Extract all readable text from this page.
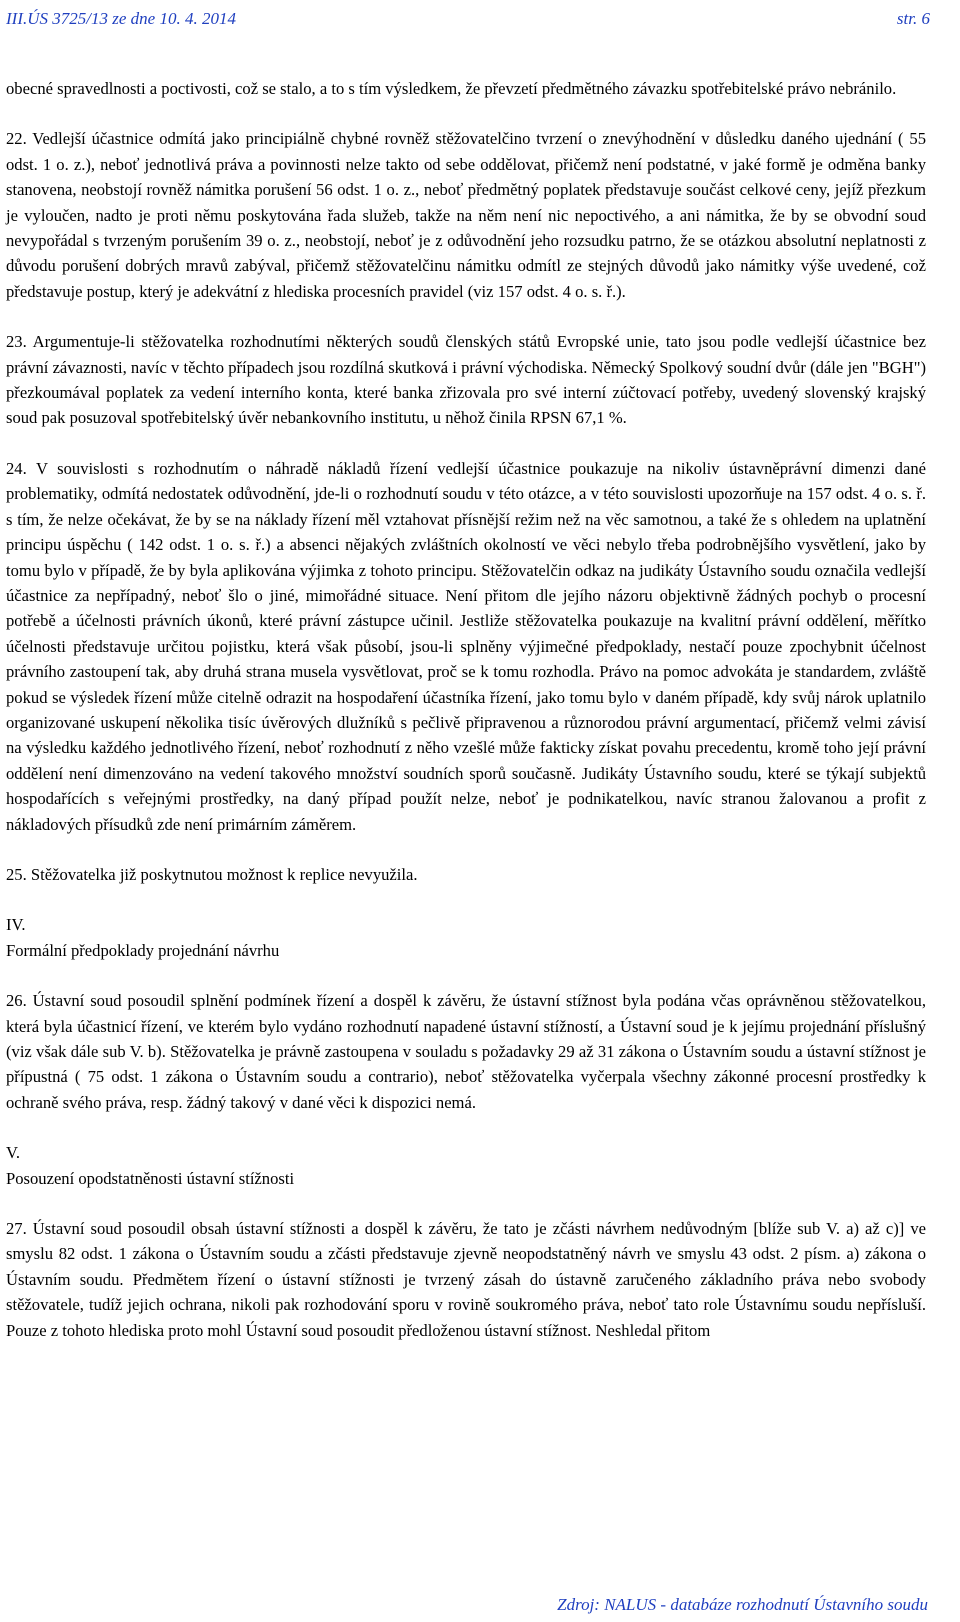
III.ÚS 3725/13 ze dne 10. 4. 2014	str. 6

obecné spravedlnosti a poctivosti, což se stalo, a to s tím výsledkem, že převzetí předmětného závazku spotřebitelské právo nebránilo.

22. Vedlejší účastnice odmítá jako principiálně chybné rovněž stěžovatelčino tvrzení o znevýhodnění v důsledku daného ujednání ( 55 odst. 1 o. z.), neboť jednotlivá práva a povinnosti nelze takto od sebe oddělovat, přičemž není podstatné, v jaké formě je odměna banky stanovena, neobstojí rovněž námitka porušení 56 odst. 1 o. z., neboť předmětný poplatek představuje součást celkové ceny, jejíž přezkum je vyloučen, nadto je proti němu poskytována řada služeb, takže na něm není nic nepoctivého, a ani námitka, že by se obvodní soud nevypořádal s tvrzeným porušením 39 o. z., neobstojí, neboť je z odůvodnění jeho rozsudku patrno, že se otázkou absolutní neplatnosti z důvodu porušení dobrých mravů zabýval, přičemž stěžovatelčinu námitku odmítl ze stejných důvodů jako námitky výše uvedené, což představuje postup, který je adekvátní z hlediska procesních pravidel (viz 157 odst. 4 o. s. ř.).

23. Argumentuje-li stěžovatelka rozhodnutími některých soudů členských států Evropské unie, tato jsou podle vedlejší účastnice bez právní závaznosti, navíc v těchto případech jsou rozdílná skutková i právní východiska. Německý Spolkový soudní dvůr (dále jen "BGH") přezkoumával poplatek za vedení interního konta, které banka zřizovala pro své interní zúčtovací potřeby, uvedený slovenský krajský soud pak posuzoval spotřebitelský úvěr nebankovního institutu, u něhož činila RPSN 67,1 %.

24. V souvislosti s rozhodnutím o náhradě nákladů řízení vedlejší účastnice poukazuje na nikoliv ústavněprávní dimenzi dané problematiky, odmítá nedostatek odůvodnění, jde-li o rozhodnutí soudu v této otázce, a v této souvislosti upozorňuje na 157 odst. 4 o. s. ř. s tím, že nelze očekávat, že by se na náklady řízení měl vztahovat přísnější režim než na věc samotnou, a také že s ohledem na uplatnění principu úspěchu ( 142 odst. 1 o. s. ř.) a absenci nějakých zvláštních okolností ve věci nebylo třeba podrobnějšího vysvětlení, jako by tomu bylo v případě, že by byla aplikována výjimka z tohoto principu. Stěžovatelčin odkaz na judikáty Ústavního soudu označila vedlejší účastnice za nepřípadný, neboť šlo o jiné, mimořádné situace. Není přitom dle jejího názoru objektivně žádných pochyb o procesní potřebě a účelnosti právních úkonů, které právní zástupce učinil. Jestliže stěžovatelka poukazuje na kvalitní právní oddělení, měřítko účelnosti představuje určitou pojistku, která však působí, jsou-li splněny výjimečné předpoklady, nestačí pouze zpochybnit účelnost právního zastoupení tak, aby druhá strana musela vysvětlovat, proč se k tomu rozhodla. Právo na pomoc advokáta je standardem, zvláště pokud se výsledek řízení může citelně odrazit na hospodaření účastníka řízení, jako tomu bylo v daném případě, kdy svůj nárok uplatnilo organizované uskupení několika tisíc úvěrových dlužníků s pečlivě připravenou a různorodou právní argumentací, přičemž velmi závisí na výsledku každého jednotlivého řízení, neboť rozhodnutí z něho vzešlé může fakticky získat povahu precedentu, kromě toho její právní oddělení není dimenzováno na vedení takového množství soudních sporů současně. Judikáty Ústavního soudu, které se týkají subjektů hospodařících s veřejnými prostředky, na daný případ použít nelze, neboť je podnikatelkou, navíc stranou žalovanou a profit z nákladových přísudků zde není primárním záměrem.

25. Stěžovatelka již poskytnutou možnost k replice nevyužila.

IV.

Formální předpoklady projednání návrhu

26. Ústavní soud posoudil splnění podmínek řízení a dospěl k závěru, že ústavní stížnost byla podána včas oprávněnou stěžovatelkou, která byla účastnicí řízení, ve kterém bylo vydáno rozhodnutí napadené ústavní stížností, a Ústavní soud je k jejímu projednání příslušný (viz však dále sub V. b). Stěžovatelka je právně zastoupena v souladu s požadavky 29 až 31 zákona o Ústavním soudu a ústavní stížnost je přípustná ( 75 odst. 1 zákona o Ústavním soudu a contrario), neboť stěžovatelka vyčerpala všechny zákonné procesní prostředky k ochraně svého práva, resp. žádný takový v dané věci k dispozici nemá.

V.

Posouzení opodstatněnosti ústavní stížnosti

27. Ústavní soud posoudil obsah ústavní stížnosti a dospěl k závěru, že tato je zčásti návrhem nedůvodným [blíže sub V. a) až c)] ve smyslu 82 odst. 1 zákona o Ústavním soudu a zčásti představuje zjevně neopodstatněný návrh ve smyslu 43 odst. 2 písm. a) zákona o Ústavním soudu. Předmětem řízení o ústavní stížnosti je tvrzený zásah do ústavně zaručeného základního práva nebo svobody stěžovatele, tudíž jejich ochrana, nikoli pak rozhodování sporu v rovině soukromého práva, neboť tato role Ústavnímu soudu nepřísluší. Pouze z tohoto hlediska proto mohl Ústavní soud posoudit předloženou ústavní stížnost. Neshledal přitom

Zdroj: NALUS - databáze rozhodnutí Ústavního soudu
